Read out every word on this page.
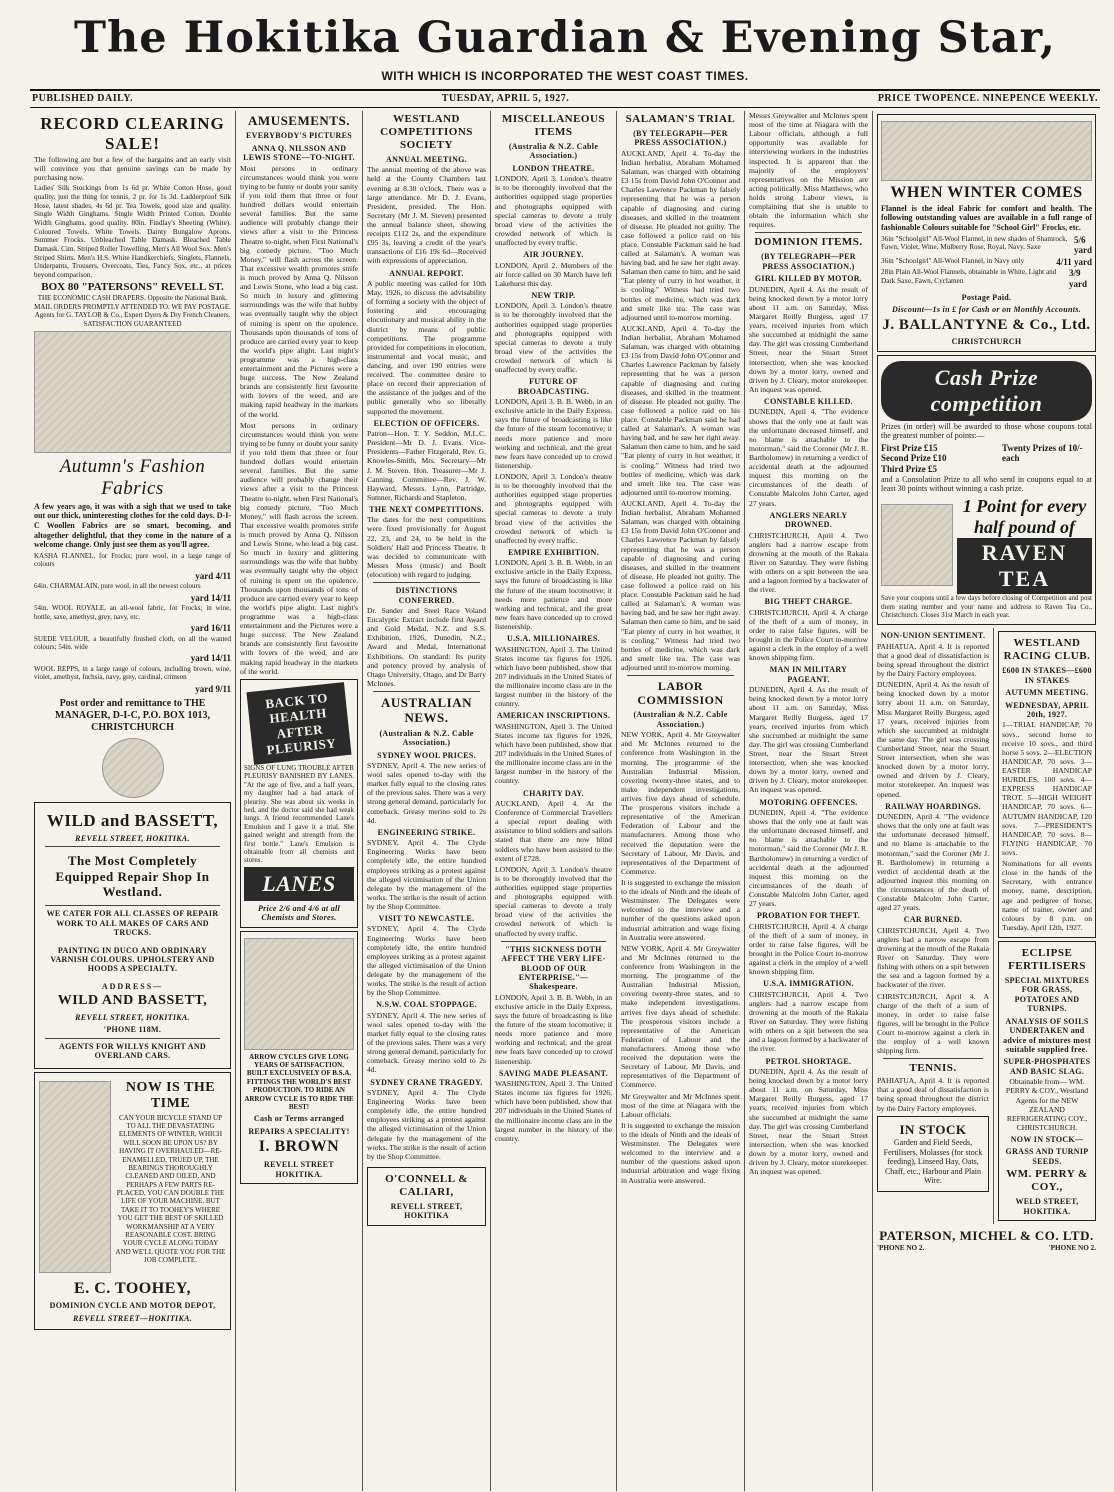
The Hokitika Guardian & Evening Star,
WITH WHICH IS INCORPORATED THE WEST COAST TIMES.
PUBLISHED DAILY.	TUESDAY, APRIL 5, 1927.	PRICE TWOPENCE. NINEPENCE WEEKLY.
RECORD CLEARING SALE!

The following are but a few of the bargains and an early visit will convince you that genuine savings can be made by purchasing now.

Ladies' Silk Stockings from 1s 6d pr. White Cotton Hose, good quality, just the thing for tennis, 2 pr. for 1s 3d. Ladderproof Silk Hose, latest shades, 4s 6d pr. Tea Towels, good size and quality. Single Width Ginghams. Single Width Printed Cotton. Double Width Ginghams, good quality. 80in. Findlay's Sheeting (White). Coloured Towels. White Towels. Dainty Bungalow Aprons. Summer Frocks. Unbleached Table Damask. Bleached Table Damask. Cim. Striped Roller Towelling. Men's All Wool Sox. Men's Striped Shirts. Men's H.S. White Handkerchiefs. Singlets, Flannels, Underpants, Trousers, Overcoats, Ties, Fancy Sox, etc., at prices beyond comparison.

BOX 80 "PATERSONS" REVELL ST.

THE ECONOMIC CASH DRAPERS. Opposite the National Bank. MAIL ORDERS PROMPTLY ATTENDED TO. WE PAY POSTAGE. Agents for G. TAYLOR & Co., Expert Dyers & Dry French Cleaners. SATISFACTION GUARANTEED

Autumn's Fashion Fabrics

A few years ago, it was with a sigh that we used to take out our thick, uninteresting clothes for the cold days. D-I-C Woollen Fabrics are so smart, becoming, and altogether delightful, that they come in the nature of a welcome change. Only just see them as you'll agree.

KASHA FLANNEL, for Frocks; pure wool, in a large range of colours

yard 4/11

64in. CHARMALAIN, pure wool, in all the newest colours

yard 14/11

54in. WOOL ROYALE, an all-wool fabric, for Frocks; in wine, bottle, saxe, amethyst, grey, navy, etc.

yard 16/11

SUEDE VELOUR, a beautifully finished cloth, on all the wanted colours; 54in. wide

yard 14/11

WOOL REPPS, in a large range of colours, including brown, wine, violet, amethyst, fuchsia, navy, grey, cardinal, crimson

yard 9/11
Post order and remittance to THE MANAGER, D-I-C, P.O. BOX 1013, CHRISTCHURCH
WILD and BASSETT,
REVELL STREET, HOKITIKA.
The Most Completely Equipped Repair Shop In Westland.
WE CATER FOR ALL CLASSES OF REPAIR WORK TO ALL MAKES OF CARS AND TRUCKS.
PAINTING IN DUCO AND ORDINARY VARNISH COLOURS. UPHOLSTERY AND HOODS A SPECIALTY.
ADDRESS—
WILD AND BASSETT,
REVELL STREET, HOKITIKA.
'PHONE 118M.
AGENTS FOR WILLYS KNIGHT AND OVERLAND CARS.
NOW IS THE TIME

CAN YOUR BICYCLE STAND UP TO ALL THE DEVASTATING ELEMENTS OF WINTER, WHICH WILL SOON BE UPON US? BY HAVING IT OVERHAULED—RE-ENAMELLED, TRUED UP, THE BEARINGS THOROUGHLY CLEANED AND OILED, AND PERHAPS A FEW PARTS RE-PLACED, YOU CAN DOUBLE THE LIFE OF YOUR MACHINE. BUT TAKE IT TO TOOHEY'S WHERE YOU GET THE BEST OF SKILLED WORKMANSHIP AT A VERY REASONABLE COST. BRING YOUR CYCLE ALONG TODAY AND WE'LL QUOTE YOU FOR THE JOB COMPLETE.

E. C. TOOHEY,
DOMINION CYCLE AND MOTOR DEPOT,
REVELL STREET—HOKITIKA.
AMUSEMENTS.
EVERYBODY'S PICTURES
ANNA Q. NILSSON AND LEWIS STONE—TO-NIGHT.

Most persons in ordinary circumstances would think you were trying to be funny or doubt your sanity if you told them that three or four hundred dollars would entertain several families. But the same audience will probably change their views after a visit to the Princess Theatre to-night, when First National's big comedy picture, "Too Much Money," will flash across the screen. That excessive wealth promotes strife is much proved by Anna Q. Nilsson and Lewis Stone, who lead a big cast. So much in luxury and glittering surroundings was the wife that hubby was eventually taught why the object of ruining is spent on the opulence. Thousands upon thousands of tons of produce are carried every year to keep the world's pipe alight. Last night's programme was a high-class entertainment and the Pictures were a huge success. The New Zealand brands are consistently first favourite with lovers of the weed, and are making rapid headway in the markets of the world.

Most persons in ordinary circumstances would think you were trying to be funny or doubt your sanity if you told them that three or four hundred dollars would entertain several families. But the same audience will probably change their views after a visit to the Princess Theatre to-night, when First National's big comedy picture, "Too Much Money," will flash across the screen. That excessive wealth promotes strife is much proved by Anna Q. Nilsson and Lewis Stone, who lead a big cast. So much in luxury and glittering surroundings was the wife that hubby was eventually taught why the object of ruining is spent on the opulence. Thousands upon thousands of tons of produce are carried every year to keep the world's pipe alight. Last night's programme was a high-class entertainment and the Pictures were a huge success. The New Zealand brands are consistently first favourite with lovers of the weed, and are making rapid headway in the markets of the world.

BACK TO HEALTH AFTER PLEURISY

SIGNS OF LUNG TROUBLE AFTER PLEURISY BANISHED BY LANES. "At the age of five, and a half years, my daughter had a bad attack of pleurisy. She was about six weeks in bed, and the doctor said she had weak lungs. A friend recommended Lane's Emulsion and I gave it a trial. She gained weight and strength from the first bottle." Lane's Emulsion is obtainable from all chemists and stores.

LANES
Price 2/6 and 4/6 at all Chemists and Stores.

ARROW CYCLES GIVE LONG YEARS OF SATISFACTION. BUILT EXCLUSIVELY OF B.S.A. FITTINGS THE WORLD'S BEST PRODUCTION. TO RIDE AN ARROW CYCLE IS TO RIDE THE BEST!

Cash or Terms arranged
REPAIRS A SPECIALITY!
I. BROWN
REVELL STREET HOKITIKA.
WESTLAND COMPETITIONS SOCIETY
ANNUAL MEETING.

The annual meeting of the above was held at the County Chambers last evening at 8.30 o'clock. There was a large attendance. Mr D. J. Evans, President, presided. The Hon. Secretary (Mr J. M. Steven) presented the annual balance sheet, showing receipts £112 2s, and the expenditure £95 3s, leaving a credit of the year's transactions of £16 19s 6d—Received with expressions of appreciation.

ANNUAL REPORT.

A public meeting was called for 10th May, 1926, to discuss the advisability of forming a society with the object of fostering and encouraging elocutionary and musical ability in the district by means of public competitions. The programme provided for competitions in elocution, instrumental and vocal music, and dancing, and over 190 entries were received. The committee desire to place on record their appreciation of the assistance of the judges and of the public generally who so liberally supported the movement.

ELECTION OF OFFICERS.

Patron—Hon. T. Y. Seddon, M.L.C. President—Mr D. J. Evans. Vice-Presidents—Father Fitzgerald, Rev. G. Knowles-Smith, Mrs. Secretary—Mr J. M. Steven. Hon. Treasurer—Mr J. Canning. Committee—Rev. J. W. Hayward, Messrs. Lynn, Partridge, Sumner, Richards and Stapleton.

THE NEXT COMPETITIONS.

The dates for the next competitions were fixed provisionally for August 22, 23, and 24, to be held in the Soldiers' Hall and Princess Theatre. It was decided to communicate with Messrs Moss (music) and Boult (elocution) with regard to judging.

DISTINCTIONS CONFERRED.

Dr. Sander and Steel Race Voland Eucalyptic Extract include first Award and Gold Medal, N.Z. and S.S. Exhibition, 1926, Dunedin, N.Z.; Award and Medal, International Exhibitions. On standard: Its purity and potency proved by analysis of Otago University, Otago, and Dr Barry McInnes.

AUSTRALIAN NEWS.
(Australian & N.Z. Cable Association.)
SYDNEY WOOL PRICES.

SYDNEY, April 4. The new series of wool sales opened to-day with the market fully equal to the closing rates of the previous sales. There was a very strong general demand, particularly for comeback. Greasy merino sold to 2s 4d.

ENGINEERING STRIKE.

SYDNEY, April 4. The Clyde Engineering Works have been completely idle, the entire hundred employees striking as a protest against the alleged victimisation of the Union delegate by the management of the works. The strike is the result of action by the Shop Committee.

VISIT TO NEWCASTLE.

SYDNEY, April 4. The Clyde Engineering Works have been completely idle, the entire hundred employees striking as a protest against the alleged victimisation of the Union delegate by the management of the works. The strike is the result of action by the Shop Committee.

N.S.W. COAL STOPPAGE.

SYDNEY, April 4. The new series of wool sales opened to-day with the market fully equal to the closing rates of the previous sales. There was a very strong general demand, particularly for comeback. Greasy merino sold to 2s 4d.

SYDNEY CRANE TRAGEDY.

SYDNEY, April 4. The Clyde Engineering Works have been completely idle, the entire hundred employees striking as a protest against the alleged victimisation of the Union delegate by the management of the works. The strike is the result of action by the Shop Committee.

O'CONNELL & CALIARI,
REVELL STREET, HOKITIKA
MISCELLANEOUS ITEMS
(Australia & N.Z. Cable Association.)
LONDON THEATRE.

LONDON, April 3. London's theatre is to be thoroughly involved that the authorities equipped stage properties and photographs equipped with special cameras to devote a truly broad view of the activities the crowded network of which is unaffected by every traffic.

AIR JOURNEY.

LONDON, April 2. Members of the air force called on 30 March have left Lakehurst this day.

NEW TRIP.

LONDON, April 3. London's theatre is to be thoroughly involved that the authorities equipped stage properties and photographs equipped with special cameras to devote a truly broad view of the activities the crowded network of which is unaffected by every traffic.

FUTURE OF BROADCASTING.

LONDON, April 3. B. B. Webb, in an exclusive article in the Daily Express, says the future of broadcasting is like the future of the steam locomotive; it needs more patience and more working and technical, and the great new fears have conceded up to crowd listenership.

LONDON, April 3. London's theatre is to be thoroughly involved that the authorities equipped stage properties and photographs equipped with special cameras to devote a truly broad view of the activities the crowded network of which is unaffected by every traffic.

EMPIRE EXHIBITION.

LONDON, April 3. B. B. Webb, in an exclusive article in the Daily Express, says the future of broadcasting is like the future of the steam locomotive; it needs more patience and more working and technical, and the great new fears have conceded up to crowd listenership.

U.S.A. MILLIONAIRES.

WASHINGTON, April 3. The United States income tax figures for 1926, which have been published, show that 207 individuals in the United States of the millionaire income class are in the largest number in the history of the country.

AMERICAN INSCRIPTIONS.

WASHINGTON, April 3. The United States income tax figures for 1926, which have been published, show that 207 individuals in the United States of the millionaire income class are in the largest number in the history of the country.

CHARITY DAY.

AUCKLAND, April 4. At the Conference of Commercial Travellers a special report dealing with assistance to blind soldiers and sailors stated that there are now blind soldiers who have been assisted to the extent of £728.

LONDON, April 3. London's theatre is to be thoroughly involved that the authorities equipped stage properties and photographs equipped with special cameras to devote a truly broad view of the activities the crowded network of which is unaffected by every traffic.

"THIS SICKNESS DOTH AFFECT THE VERY LIFE-BLOOD OF OUR ENTERPRISE."—Shakespeare.

LONDON, April 3. B. B. Webb, in an exclusive article in the Daily Express, says the future of broadcasting is like the future of the steam locomotive; it needs more patience and more working and technical, and the great new fears have conceded up to crowd listenership.

SAVING MADE PLEASANT.

WASHINGTON, April 3. The United States income tax figures for 1926, which have been published, show that 207 individuals in the United States of the millionaire income class are in the largest number in the history of the country.

SALAMAN'S TRIAL
(BY TELEGRAPH—PER PRESS ASSOCIATION.)

AUCKLAND, April 4. To-day the Indian herbalist, Abraham Mohamed Salaman, was charged with obtaining £3 15s from David John O'Connor and Charles Lawrence Packman by falsely representing that he was a person capable of diagnosing and curing diseases, and skilled in the treatment of disease. He pleaded not guilty. The case followed a police raid on his place. Constable Packman said he had called at Salaman's. A woman was having bad, and he saw her right away. Salaman then came to him, and he said "Eat plenty of curry in hot weather, it is cooling." Witness had tried two bottles of medicine, which was dark and smelt like tea. The case was adjourned until to-morrow morning.

AUCKLAND, April 4. To-day the Indian herbalist, Abraham Mohamed Salaman, was charged with obtaining £3 15s from David John O'Connor and Charles Lawrence Packman by falsely representing that he was a person capable of diagnosing and curing diseases, and skilled in the treatment of disease. He pleaded not guilty. The case followed a police raid on his place. Constable Packman said he had called at Salaman's. A woman was having bad, and he saw her right away. Salaman then came to him, and he said "Eat plenty of curry in hot weather, it is cooling." Witness had tried two bottles of medicine, which was dark and smelt like tea. The case was adjourned until to-morrow morning.

AUCKLAND, April 4. To-day the Indian herbalist, Abraham Mohamed Salaman, was charged with obtaining £3 15s from David John O'Connor and Charles Lawrence Packman by falsely representing that he was a person capable of diagnosing and curing diseases, and skilled in the treatment of disease. He pleaded not guilty. The case followed a police raid on his place. Constable Packman said he had called at Salaman's. A woman was having bad, and he saw her right away. Salaman then came to him, and he said "Eat plenty of curry in hot weather, it is cooling." Witness had tried two bottles of medicine, which was dark and smelt like tea. The case was adjourned until to-morrow morning.

LABOR COMMISSION
(Australian & N.Z. Cable Association.)

NEW YORK, April 4. Mr Greywalter and Mr McInnes returned to the conference from Washington in the morning. The programme of the Australian Industrial Mission, covering twenty-three states, and to make independent investigations, arrives five days ahead of schedule. The prosperous visitors include a representative of the American Federation of Labour and the manufacturers. Among those who received the deputation were the Secretary of Labour, Mr Davis, and representatives of the Department of Commerce.

It is suggested to exchange the mission to the ideals of Ninth and the ideals of Westminster. The Delegates were welcomed to the interview and a number of the questions asked upon industrial arbitration and wage fixing in Australia were answered.

NEW YORK, April 4. Mr Greywalter and Mr McInnes returned to the conference from Washington in the morning. The programme of the Australian Industrial Mission, covering twenty-three states, and to make independent investigations, arrives five days ahead of schedule. The prosperous visitors include a representative of the American Federation of Labour and the manufacturers. Among those who received the deputation were the Secretary of Labour, Mr Davis, and representatives of the Department of Commerce.

Mr Greywalter and Mr McInnes spent most of the time at Niagara with the Labour officials.

It is suggested to exchange the mission to the ideals of Ninth and the ideals of Westminster. The Delegates were welcomed to the interview and a number of the questions asked upon industrial arbitration and wage fixing in Australia were answered.

Messrs Greywalter and McInnes spent most of the time at Niagara with the Labour officials, although a full opportunity was available for interviewing workers in the industries inspected. It is apparent that the majority of the employers' representatives on the Mission are acting politically. Miss Matthews, who holds strong Labour views, is complaining that she is unable to obtain the information which she requires.

DOMINION ITEMS.
(BY TELEGRAPH—PER PRESS ASSOCIATION.)
GIRL KILLED BY MOTOR.

DUNEDIN, April 4. As the result of being knocked down by a motor lorry about 11 a.m. on Saturday, Miss Margaret Reilly Burgess, aged 17 years, received injuries from which she succumbed at midnight the same day. The girl was crossing Cumberland Street, near the Stuart Street intersection, when she was knocked down by a motor lorry, owned and driven by J. Cleary, motor storekeeper. An inquest was opened.

CONSTABLE KILLED.

DUNEDIN, April 4. "The evidence shows that the only one at fault was the unfortunate deceased himself, and no blame is attachable to the motorman," said the Coroner (Mr J. R. Bartholomew) in returning a verdict of accidental death at the adjourned inquest this morning on the circumstances of the death of Constable Malcolm John Carter, aged 27 years.

ANGLERS NEARLY DROWNED.

CHRISTCHURCH, April 4. Two anglers had a narrow escape from drowning at the mouth of the Rakaia River on Saturday. They were fishing with others on a spit between the sea and a lagoon formed by a backwater of the river.

BIG THEFT CHARGE.

CHRISTCHURCH, April 4. A charge of the theft of a sum of money, in order to raise false figures, will be brought in the Police Court to-morrow against a clerk in the employ of a well known shipping firm.

MAN IN MILITARY PAGEANT.

DUNEDIN, April 4. As the result of being knocked down by a motor lorry about 11 a.m. on Saturday, Miss Margaret Reilly Burgess, aged 17 years, received injuries from which she succumbed at midnight the same day. The girl was crossing Cumberland Street, near the Stuart Street intersection, when she was knocked down by a motor lorry, owned and driven by J. Cleary, motor storekeeper. An inquest was opened.

MOTORING OFFENCES.

DUNEDIN, April 4. "The evidence shows that the only one at fault was the unfortunate deceased himself, and no blame is attachable to the motorman," said the Coroner (Mr J. R. Bartholomew) in returning a verdict of accidental death at the adjourned inquest this morning on the circumstances of the death of Constable Malcolm John Carter, aged 27 years.

PROBATION FOR THEFT.

CHRISTCHURCH, April 4. A charge of the theft of a sum of money, in order to raise false figures, will be brought in the Police Court to-morrow against a clerk in the employ of a well known shipping firm.

U.S.A. IMMIGRATION.

CHRISTCHURCH, April 4. Two anglers had a narrow escape from drowning at the mouth of the Rakaia River on Saturday. They were fishing with others on a spit between the sea and a lagoon formed by a backwater of the river.

PETROL SHORTAGE.

DUNEDIN, April 4. As the result of being knocked down by a motor lorry about 11 a.m. on Saturday, Miss Margaret Reilly Burgess, aged 17 years, received injuries from which she succumbed at midnight the same day. The girl was crossing Cumberland Street, near the Stuart Street intersection, when she was knocked down by a motor lorry, owned and driven by J. Cleary, motor storekeeper. An inquest was opened.

WHEN WINTER COMES

Flannel is the ideal Fabric for comfort and health. The following outstanding values are available in a full range of fashionable Colours suitable for "School Girl" Frocks, etc.

36in "Schoolgirl" All-Wool Flannel, in new shades of Shamrock, Fawn, Violet, Wine, Mulberry Rose, Royal, Navy, Saxe
5/6 yard
36in "Schoolgirl" All-Wool Flannel, in Navy only	4/11 yard
28in Plain All-Wool Flannels, obtainable in White, Light and Dark Saxe, Fawn, Cyclamen
3/9 yard
Postage Paid.
Discount—1s in £ for Cash or on Monthly Accounts.
J. BALLANTYNE & Co., Ltd.
CHRISTCHURCH
Cash Prize competition

Prizes (in order) will be awarded to those whose coupons total the greatest number of points:—

First Prize £15
Second Prize £10
Third Prize £5
Twenty Prizes of 10/- each

and a Consolation Prize to all who send in coupons equal to at least 30 points without winning a cash prize.

1 Point for every half pound of
RAVEN TEA

Save your coupons until a few days before closing of Competition and post them stating number and your name and address to Raven Tea Co., Christchurch. Closes 31st March in each year.

NON-UNION SENTIMENT.

PAHIATUA, April 4. It is reported that a good deal of dissatisfaction is being spread throughout the district by the Dairy Factory employees.

DUNEDIN, April 4. As the result of being knocked down by a motor lorry about 11 a.m. on Saturday, Miss Margaret Reilly Burgess, aged 17 years, received injuries from which she succumbed at midnight the same day. The girl was crossing Cumberland Street, near the Stuart Street intersection, when she was knocked down by a motor lorry, owned and driven by J. Cleary, motor storekeeper. An inquest was opened.

RAILWAY HOARDINGS.

DUNEDIN, April 4. "The evidence shows that the only one at fault was the unfortunate deceased himself, and no blame is attachable to the motorman," said the Coroner (Mr J. R. Bartholomew) in returning a verdict of accidental death at the adjourned inquest this morning on the circumstances of the death of Constable Malcolm John Carter, aged 27 years.

CAR BURNED.

CHRISTCHURCH, April 4. Two anglers had a narrow escape from drowning at the mouth of the Rakaia River on Saturday. They were fishing with others on a spit between the sea and a lagoon formed by a backwater of the river.

CHRISTCHURCH, April 4. A charge of the theft of a sum of money, in order to raise false figures, will be brought in the Police Court to-morrow against a clerk in the employ of a well known shipping firm.

TENNIS.

PAHIATUA, April 4. It is reported that a good deal of dissatisfaction is being spread throughout the district by the Dairy Factory employees.

IN STOCK

Garden and Field Seeds, Fertilisers, Molasses (for stock feeding), Linseed Hay, Oats, Chaff, etc., Harbour and Plain Wire.

WESTLAND RACING CLUB.
£600 IN STAKES—£600 IN STAKES
AUTUMN MEETING.
WEDNESDAY, APRIL 20th, 1927.

1—TRIAL HANDICAP, 70 sovs., second horse to receive 10 sovs., and third horse 5 sovs. 2—ELECTION HANDICAP, 70 sovs. 3—EASTER HANDICAP HURDLES, 100 sovs. 4—EXPRESS HANDICAP TROT. 5—HIGH WEIGHT HANDICAP, 70 sovs. 6—AUTUMN HANDICAP, 120 sovs. 7—PRESIDENT'S HANDICAP, 70 sovs. 8—FLYING HANDICAP, 70 sovs.

Nominations for all events close in the hands of the Secretary, with entrance money, name, description, age and pedigree of horse, name of trainer, owner and colours by 8 p.m. on Tuesday, April 12th, 1927.

ECLIPSE FERTILISERS
SPECIAL MIXTURES FOR GRASS, POTATOES AND TURNIPS.
ANALYSIS OF SOILS UNDERTAKEN and advice of mixtures most suitable supplied free.
SUPER-PHOSPHATES AND BASIC SLAG.

Obtainable from— WM. PERRY & COY., Westland Agents for the NEW ZEALAND REFRIGERATING COY., CHRISTCHURCH.

NOW IN STOCK—
GRASS AND TURNIP SEEDS.
WM. PERRY & COY.,
WELD STREET, HOKITIKA.
PATERSON, MICHEL & CO. LTD.
'PHONE NO 2.	'PHONE NO 2.
